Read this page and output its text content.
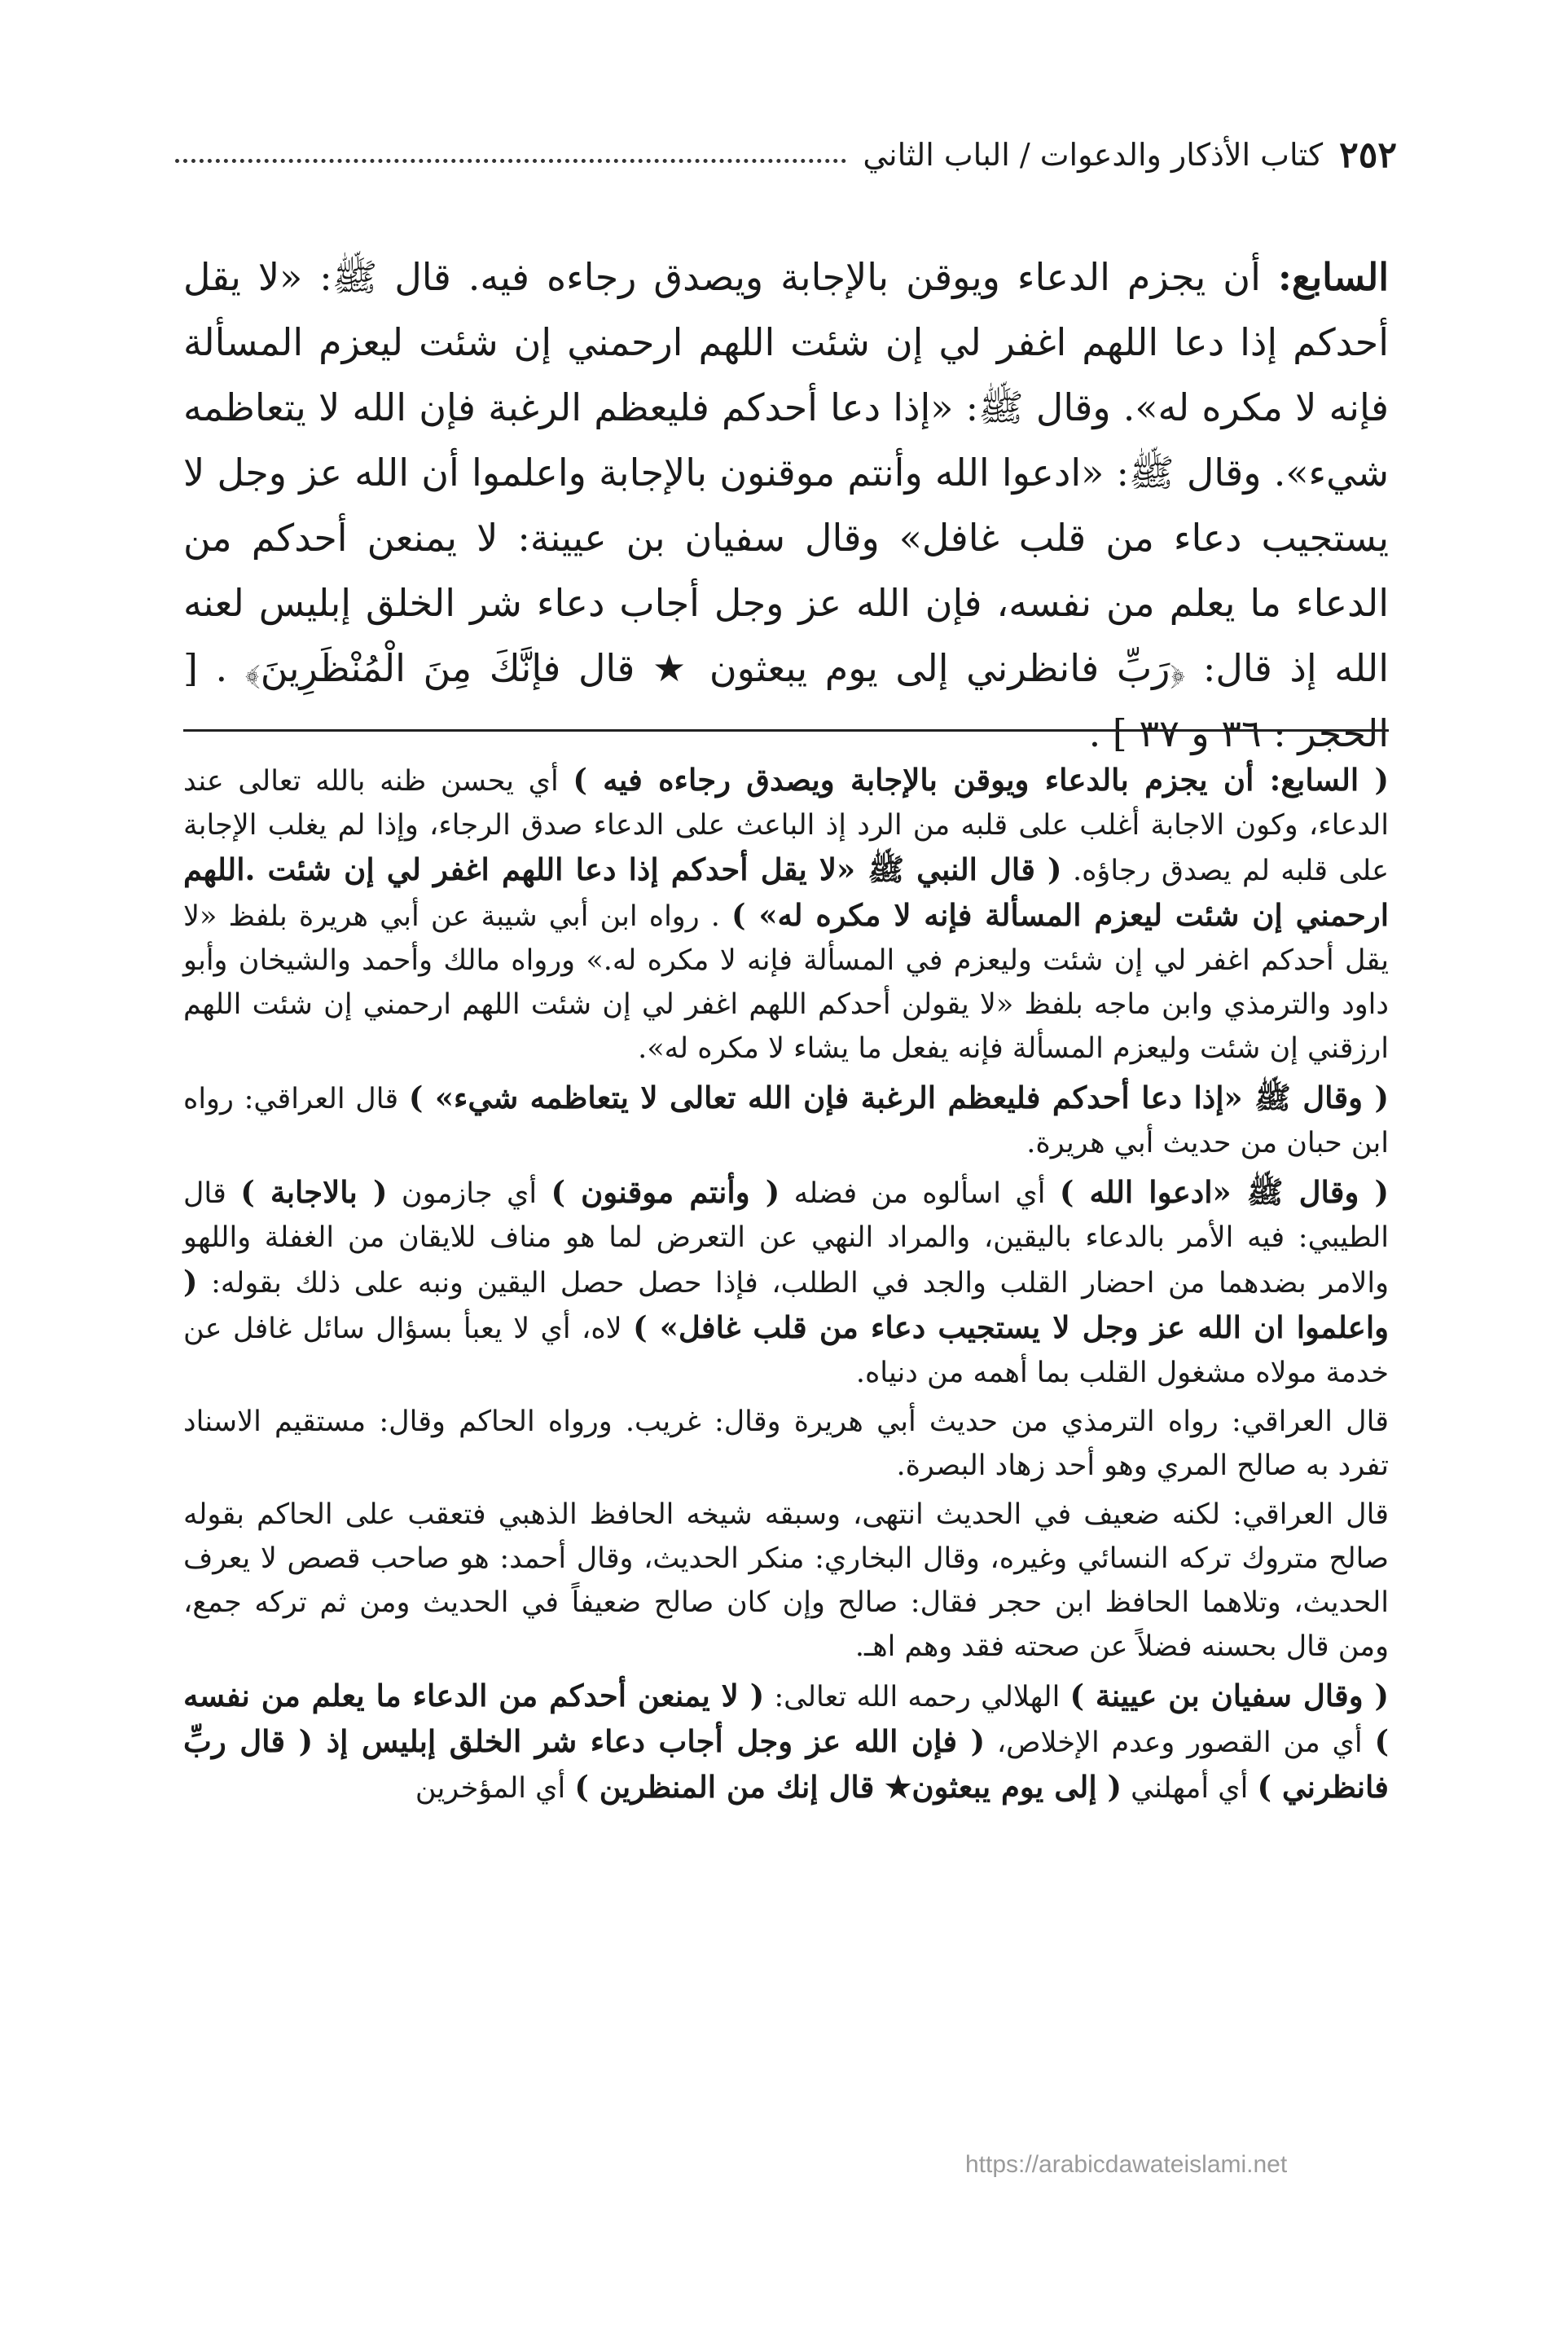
٢٥٢
كتاب الأذكار والدعوات / الباب الثاني

السابع: أن يجزم الدعاء ويوقن بالإجابة ويصدق رجاءه فيه. قال ﷺ: «لا يقل أحدكم إذا دعا اللهم اغفر لي إن شئت اللهم ارحمني إن شئت ليعزم المسألة فإنه لا مكره له». وقال ﷺ: «إذا دعا أحدكم فليعظم الرغبة فإن الله لا يتعاظمه شيء». وقال ﷺ: «ادعوا الله وأنتم موقنون بالإجابة واعلموا أن الله عز وجل لا يستجيب دعاء من قلب غافل» وقال سفيان بن عيينة: لا يمنعن أحدكم من الدعاء ما يعلم من نفسه، فإن الله عز وجل أجاب دعاء شر الخلق إبليس لعنه الله إذ قال: ﴿رَبِّ فانظرني إلى يوم يبعثون ★ قال فإنَّكَ مِنَ الْمُنْظَرِينَ﴾ . [ الحجر : ٣٦ و ٣٧ ] .

( السابع: أن يجزم بالدعاء ويوقن بالإجابة ويصدق رجاءه فيه ) أي يحسن ظنه بالله تعالى عند الدعاء، وكون الاجابة أغلب على قلبه من الرد إذ الباعث على الدعاء صدق الرجاء، وإذا لم يغلب الإجابة على قلبه لم يصدق رجاؤه. ( قال النبي ﷺ «لا يقل أحدكم إذا دعا اللهم اغفر لي إن شئت .اللهم ارحمني إن شئت ليعزم المسألة فإنه لا مكره له» ) . رواه ابن أبي شيبة عن أبي هريرة بلفظ «لا يقل أحدكم اغفر لي إن شئت وليعزم في المسألة فإنه لا مكره له.» ورواه مالك وأحمد والشيخان وأبو داود والترمذي وابن ماجه بلفظ «لا يقولن أحدكم اللهم اغفر لي إن شئت اللهم ارحمني إن شئت اللهم ارزقني إن شئت وليعزم المسألة فإنه يفعل ما يشاء لا مكره له».

( وقال ﷺ «إذا دعا أحدكم فليعظم الرغبة فإن الله تعالى لا يتعاظمه شيء» ) قال العراقي: رواه ابن حبان من حديث أبي هريرة.

( وقال ﷺ «ادعوا الله ) أي اسألوه من فضله ( وأنتم موقنون ) أي جازمون ( بالاجابة ) قال الطيبي: فيه الأمر بالدعاء باليقين، والمراد النهي عن التعرض لما هو مناف للايقان من الغفلة واللهو والامر بضدهما من احضار القلب والجد في الطلب، فإذا حصل حصل اليقين ونبه على ذلك بقوله: ( واعلموا ان الله عز وجل لا يستجيب دعاء من قلب غافل» ) لاه، أي لا يعبأ بسؤال سائل غافل عن خدمة مولاه مشغول القلب بما أهمه من دنياه.

قال العراقي: رواه الترمذي من حديث أبي هريرة وقال: غريب. ورواه الحاكم وقال: مستقيم الاسناد تفرد به صالح المري وهو أحد زهاد البصرة.

قال العراقي: لكنه ضعيف في الحديث انتهى، وسبقه شيخه الحافظ الذهبي فتعقب على الحاكم بقوله صالح متروك تركه النسائي وغيره، وقال البخاري: منكر الحديث، وقال أحمد: هو صاحب قصص لا يعرف الحديث، وتلاهما الحافظ ابن حجر فقال: صالح وإن كان صالح ضعيفاً في الحديث ومن ثم تركه جمع، ومن قال بحسنه فضلاً عن صحته فقد وهم اهـ.

( وقال سفيان بن عيينة ) الهلالي رحمه الله تعالى: ( لا يمنعن أحدكم من الدعاء ما يعلم من نفسه ) أي من القصور وعدم الإخلاص، ( فإن الله عز وجل أجاب دعاء شر الخلق إبليس إذ ( قال ربِّ فانظرني ) أي أمهلني ( إلى يوم يبعثون★ قال إنك من المنظرين ) أي المؤخرين

https://arabicdawateislami.net
